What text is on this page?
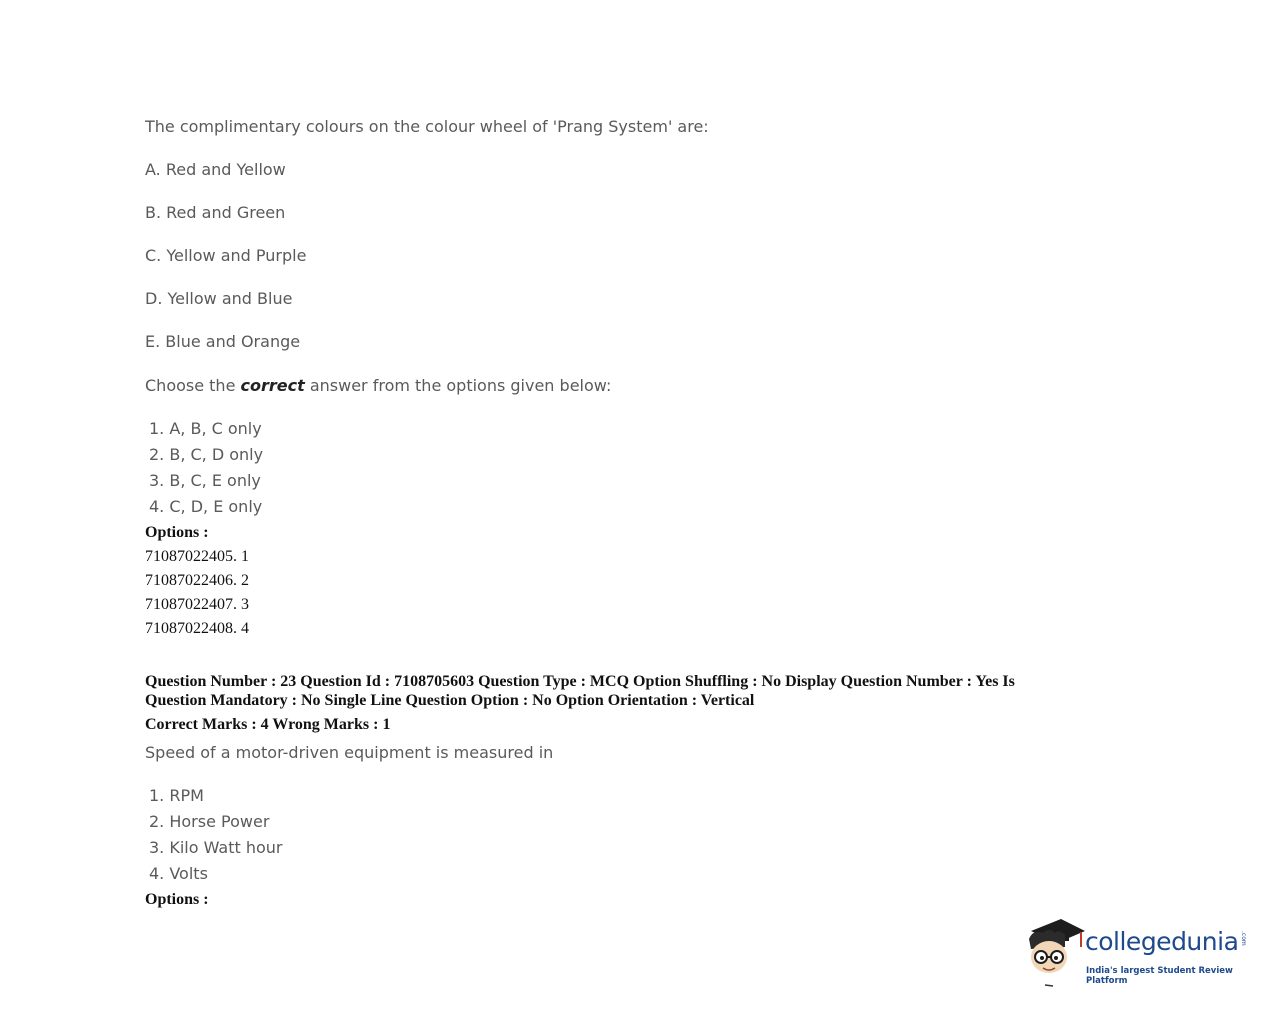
The complimentary colours on the colour wheel of 'Prang System' are:
A. Red and Yellow
B. Red and Green
C. Yellow and Purple
D. Yellow and Blue
E. Blue and Orange
Choose the correct answer from the options given below:
1. A, B, C only
2. B, C, D only
3. B, C, E only
4. C, D, E only
Options :
71087022405. 1
71087022406. 2
71087022407. 3
71087022408. 4
Question Number : 23 Question Id : 7108705603 Question Type : MCQ Option Shuffling : No Display Question Number : Yes Is
Question Mandatory : No Single Line Question Option : No Option Orientation : Vertical
Correct Marks : 4 Wrong Marks : 1
Speed of a motor-driven equipment is measured in
1. RPM
2. Horse Power
3. Kilo Watt hour
4. Volts
Options :
collegedunia .com
India's largest Student Review Platform
